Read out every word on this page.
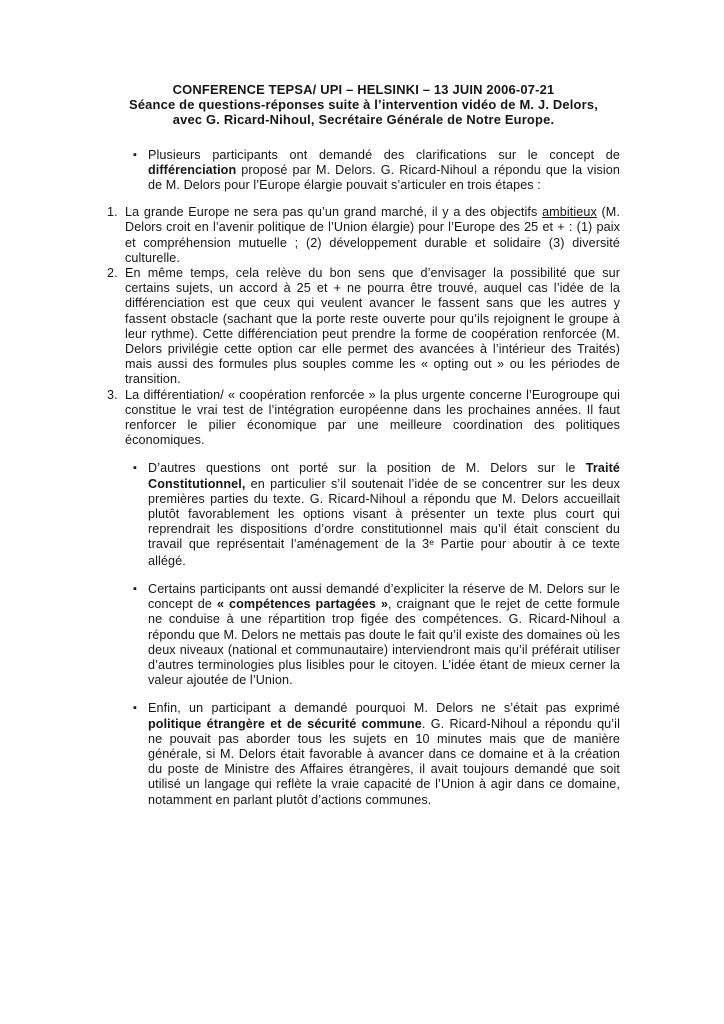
CONFERENCE TEPSA/ UPI – HELSINKI – 13 JUIN 2006-07-21
Séance de questions-réponses suite à l’intervention vidéo de M. J. Delors,
avec G. Ricard-Nihoul, Secrétaire Générale de Notre Europe.
▪ Plusieurs participants ont demandé des clarifications sur le concept de différenciation proposé par M. Delors. G. Ricard-Nihoul a répondu que la vision de M. Delors pour l’Europe élargie pouvait s’articuler en trois étapes :
1. La grande Europe ne sera pas qu’un grand marché, il y a des objectifs ambitieux (M. Delors croit en l’avenir politique de l’Union élargie) pour l’Europe des 25 et + : (1) paix et compréhension mutuelle ; (2) développement durable et solidaire (3) diversité culturelle.
2. En même temps, cela relève du bon sens que d’envisager la possibilité que sur certains sujets, un accord à 25 et + ne pourra être trouvé, auquel cas l’idée de la différenciation est que ceux qui veulent avancer le fassent sans que les autres y fassent obstacle (sachant que la porte reste ouverte pour qu’ils rejoignent le groupe à leur rythme). Cette différenciation peut prendre la forme de coopération renforcée (M. Delors privilégie cette option car elle permet des avancées à l’intérieur des Traités) mais aussi des formules plus souples comme les « opting out » ou les périodes de transition.
3. La différentiation/ « coopération renforcée » la plus urgente concerne l’Eurogroupe qui constitue le vrai test de l’intégration européenne dans les prochaines années. Il faut renforcer le pilier économique par une meilleure coordination des politiques économiques.
▪ D’autres questions ont porté sur la position de M. Delors sur le Traité Constitutionnel, en particulier s’il soutenait l’idée de se concentrer sur les deux premières parties du texte. G. Ricard-Nihoul a répondu que M. Delors accueillait plutôt favorablement les options visant à présenter un texte plus court qui reprendrait les dispositions d’ordre constitutionnel mais qu’il était conscient du travail que représentait l’aménagement de la 3e Partie pour aboutir à ce texte allégé.
▪ Certains participants ont aussi demandé d’expliciter la réserve de M. Delors sur le concept de « compétences partagées », craignant que le rejet de cette formule ne conduise à une répartition trop figée des compétences. G. Ricard-Nihoul a répondu que M. Delors ne mettais pas doute le fait qu’il existe des domaines où les deux niveaux (national et communautaire) interviendront mais qu’il préférait utiliser d’autres terminologies plus lisibles pour le citoyen. L’idée étant de mieux cerner la valeur ajoutée de l’Union.
▪ Enfin, un participant a demandé pourquoi M. Delors ne s’était pas exprimé politique étrangère et de sécurité commune. G. Ricard-Nihoul a répondu qu’il ne pouvait pas aborder tous les sujets en 10 minutes mais que de manière générale, si M. Delors était favorable à avancer dans ce domaine et à la création du poste de Ministre des Affaires étrangères, il avait toujours demandé que soit utilisé un langage qui reflète la vraie capacité de l’Union à agir dans ce domaine, notamment en parlant plutôt d’actions communes.
